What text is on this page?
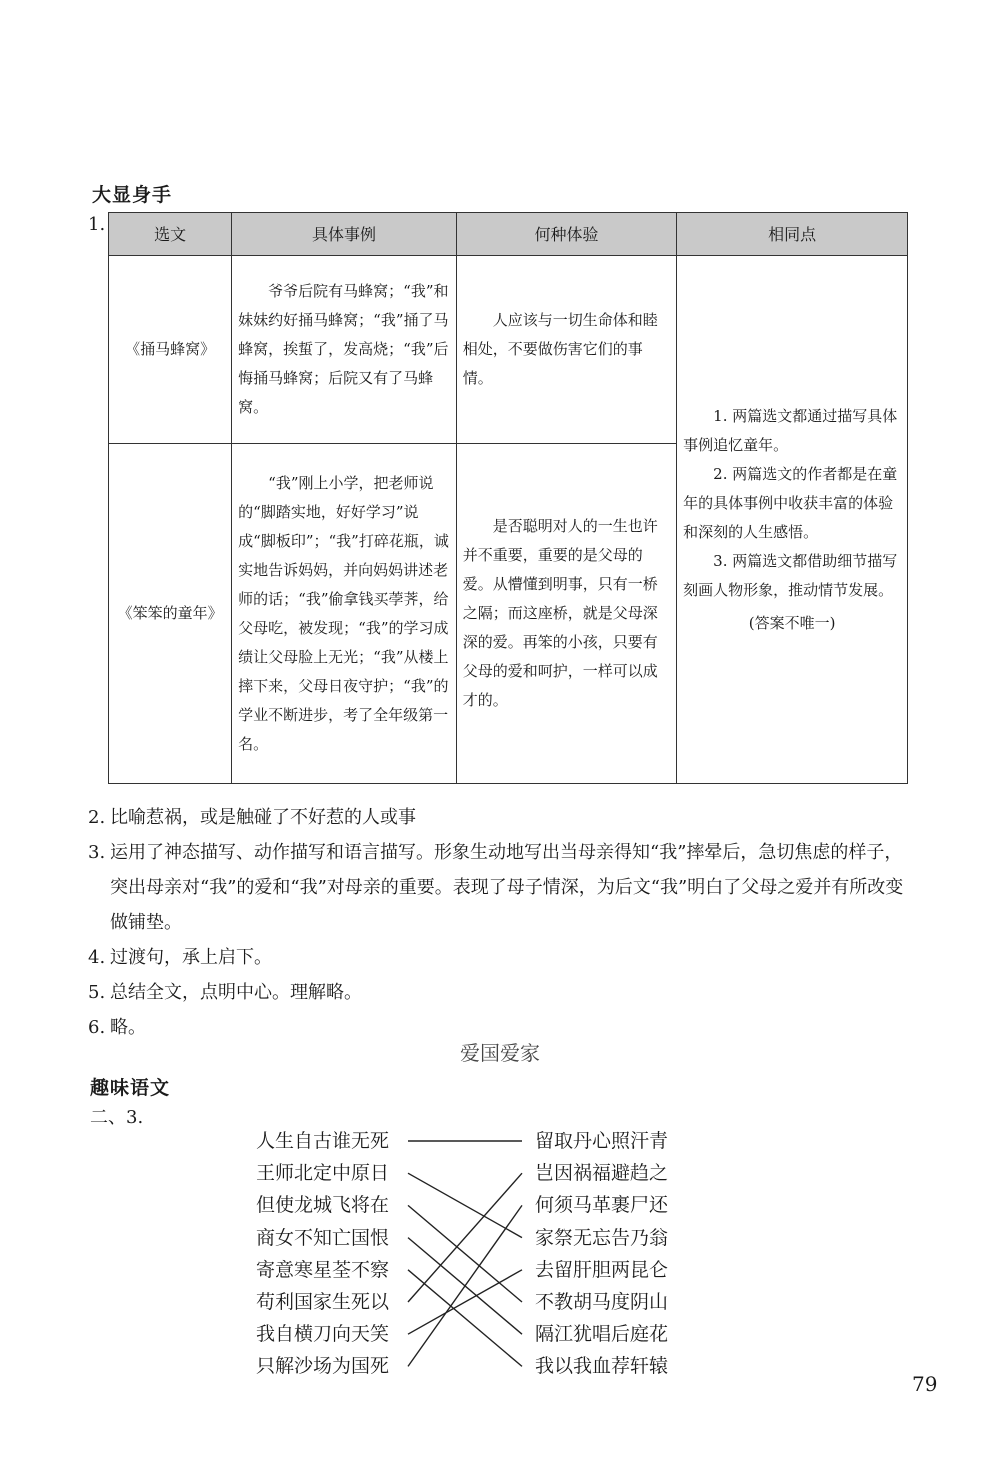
大显身手
1.	选文	具体事例	何种体验	相同点
《捅马蜂窝》	爷爷后院有马蜂窝；“我”和妹妹约好捅马蜂窝；“我”捅了马蜂窝，挨蜇了，发高烧；“我”后悔捅马蜂窝；后院又有了马蜂窝。	人应该与一切生命体和睦相处，不要做伤害它们的事情。	1. 两篇选文都通过描写具体事例追忆童年。

2. 两篇选文的作者都是在童年的具体事例中收获丰富的体验和深刻的人生感悟。

3. 两篇选文都借助细节描写刻画人物形象，推动情节发展。

(答案不唯一)

《笨笨的童年》	“我”刚上小学，把老师说的“脚踏实地，好好学习”说成“脚板印”；“我”打碎花瓶，诚实地告诉妈妈，并向妈妈讲述老师的话；“我”偷拿钱买荸荠，给父母吃，被发现；“我”的学习成绩让父母脸上无光；“我”从楼上摔下来，父母日夜守护；“我”的学业不断进步，考了全年级第一名。	是否聪明对人的一生也许并不重要，重要的是父母的爱。从懵懂到明事，只有一桥之隔；而这座桥，就是父母深深的爱。再笨的小孩，只要有父母的爱和呵护，一样可以成才的。	
2. 比喻惹祸，或是触碰了不好惹的人或事
3. 运用了神态描写、动作描写和语言描写。形象生动地写出当母亲得知“我”摔晕后，急切焦虑的样子，突出母亲对“我”的爱和“我”对母亲的重要。表现了母子情深，为后文“我”明白了父母之爱并有所改变做铺垫。
4. 过渡句，承上启下。
5. 总结全文，点明中心。理解略。
6. 略。
爱国爱家
趣味语文
二、3.
人生自古谁无死
王师北定中原日
但使龙城飞将在
商女不知亡国恨
寄意寒星荃不察
苟利国家生死以
我自横刀向天笑
只解沙场为国死
留取丹心照汗青
岂因祸福避趋之
何须马革裹尸还
家祭无忘告乃翁
去留肝胆两昆仑
不教胡马度阴山
隔江犹唱后庭花
我以我血荐轩辕
79
